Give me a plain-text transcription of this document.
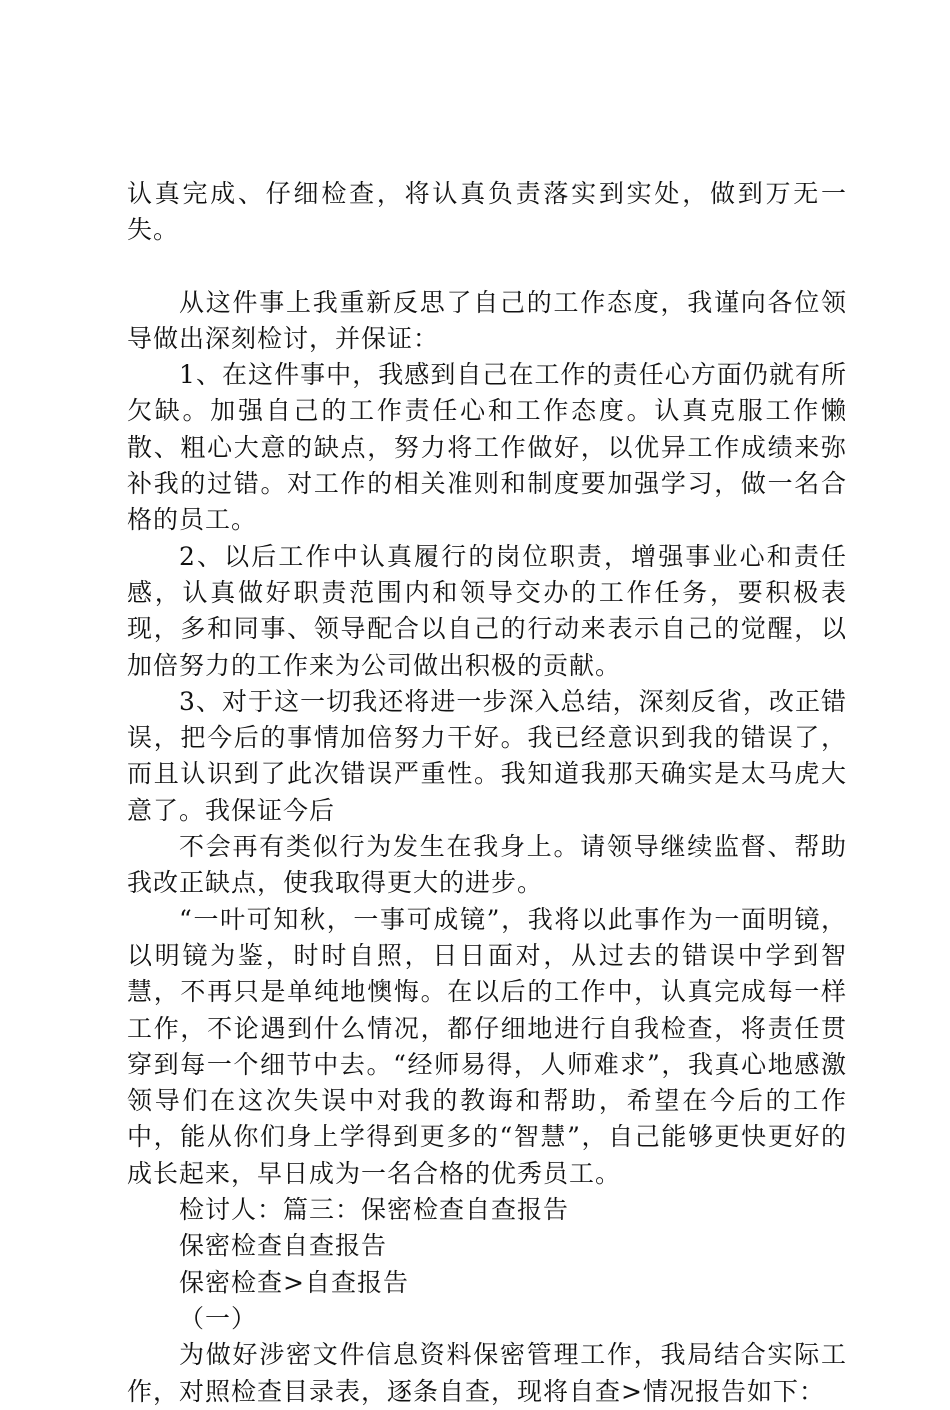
认真完成、仔细检查，将认真负责落实到实处，做到万无一失。

从这件事上我重新反思了自己的工作态度，我谨向各位领导做出深刻检讨，并保证：

1、在这件事中，我感到自己在工作的责任心方面仍就有所欠缺。加强自己的工作责任心和工作态度。认真克服工作懒散、粗心大意的缺点，努力将工作做好，以优异工作成绩来弥补我的过错。对工作的相关准则和制度要加强学习，做一名合格的员工。

2、以后工作中认真履行的岗位职责，增强事业心和责任感，认真做好职责范围内和领导交办的工作任务，要积极表现，多和同事、领导配合以自己的行动来表示自己的觉醒，以加倍努力的工作来为公司做出积极的贡献。

3、对于这一切我还将进一步深入总结，深刻反省，改正错误，把今后的事情加倍努力干好。我已经意识到我的错误了，而且认识到了此次错误严重性。我知道我那天确实是太马虎大意了。我保证今后

不会再有类似行为发生在我身上。请领导继续监督、帮助我改正缺点，使我取得更大的进步。

“一叶可知秋，一事可成镜”，我将以此事作为一面明镜，以明镜为鉴，时时自照，日日面对，从过去的错误中学到智慧，不再只是单纯地懊悔。在以后的工作中，认真完成每一样工作，不论遇到什么情况，都仔细地进行自我检查，将责任贯穿到每一个细节中去。“经师易得，人师难求”，我真心地感激领导们在这次失误中对我的教诲和帮助，希望在今后的工作中，能从你们身上学得到更多的“智慧”，自己能够更快更好的成长起来，早日成为一名合格的优秀员工。

检讨人：篇三：保密检查自查报告

保密检查自查报告

保密检查>自查报告

（一）

为做好涉密文件信息资料保密管理工作，我局结合实际工作，对照检查目录表，逐条自查，现将自查>情况报告如下：
